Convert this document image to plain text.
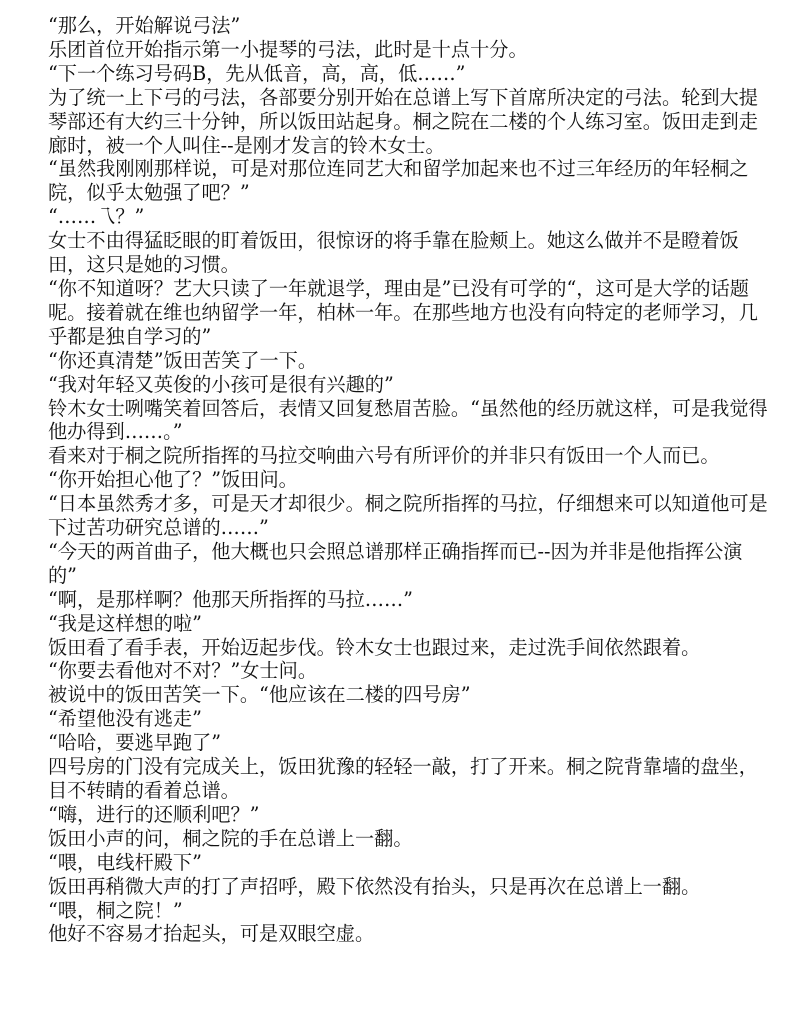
“那么，开始解说弓法”

乐团首位开始指示第一小提琴的弓法，此时是十点十分。

“下一个练习号码B，先从低音，高，高，低……”

为了统一上下弓的弓法，各部要分别开始在总谱上写下首席所决定的弓法。轮到大提琴部还有大约三十分钟，所以饭田站起身。桐之院在二楼的个人练习室。饭田走到走廊时，被一个人叫住--是刚才发言的铃木女士。

“虽然我刚刚那样说，可是对那位连同艺大和留学加起来也不过三年经历的年轻桐之院，似乎太勉强了吧？”

“……乁？”

女士不由得猛眨眼的盯着饭田，很惊讶的将手靠在脸颊上。她这么做并不是瞪着饭田，这只是她的习惯。

“你不知道呀？艺大只读了一年就退学，理由是”已没有可学的“，这可是大学的话题呢。接着就在维也纳留学一年，柏林一年。在那些地方也没有向特定的老师学习，几乎都是独自学习的”

“你还真清楚”饭田苦笑了一下。

“我对年轻又英俊的小孩可是很有兴趣的”

铃木女士咧嘴笑着回答后，表情又回复愁眉苦脸。“虽然他的经历就这样，可是我觉得他办得到……。”

看来对于桐之院所指挥的马拉交响曲六号有所评价的并非只有饭田一个人而已。

“你开始担心他了？”饭田问。

“日本虽然秀才多，可是天才却很少。桐之院所指挥的马拉，仔细想来可以知道他可是下过苦功研究总谱的……”

“今天的两首曲子，他大概也只会照总谱那样正确指挥而已--因为并非是他指挥公演的”

“啊，是那样啊？他那天所指挥的马拉……”

“我是这样想的啦”

饭田看了看手表，开始迈起步伐。铃木女士也跟过来，走过洗手间依然跟着。

“你要去看他对不对？”女士问。

被说中的饭田苦笑一下。“他应该在二楼的四号房”

“希望他没有逃走”

“哈哈，要逃早跑了”

四号房的门没有完成关上，饭田犹豫的轻轻一敲，打了开来。桐之院背靠墙的盘坐，目不转睛的看着总谱。

“嗨，进行的还顺利吧？”

饭田小声的问，桐之院的手在总谱上一翻。

“喂，电线杆殿下”

饭田再稍微大声的打了声招呼，殿下依然没有抬头，只是再次在总谱上一翻。

“喂，桐之院！”

他好不容易才抬起头，可是双眼空虚。
